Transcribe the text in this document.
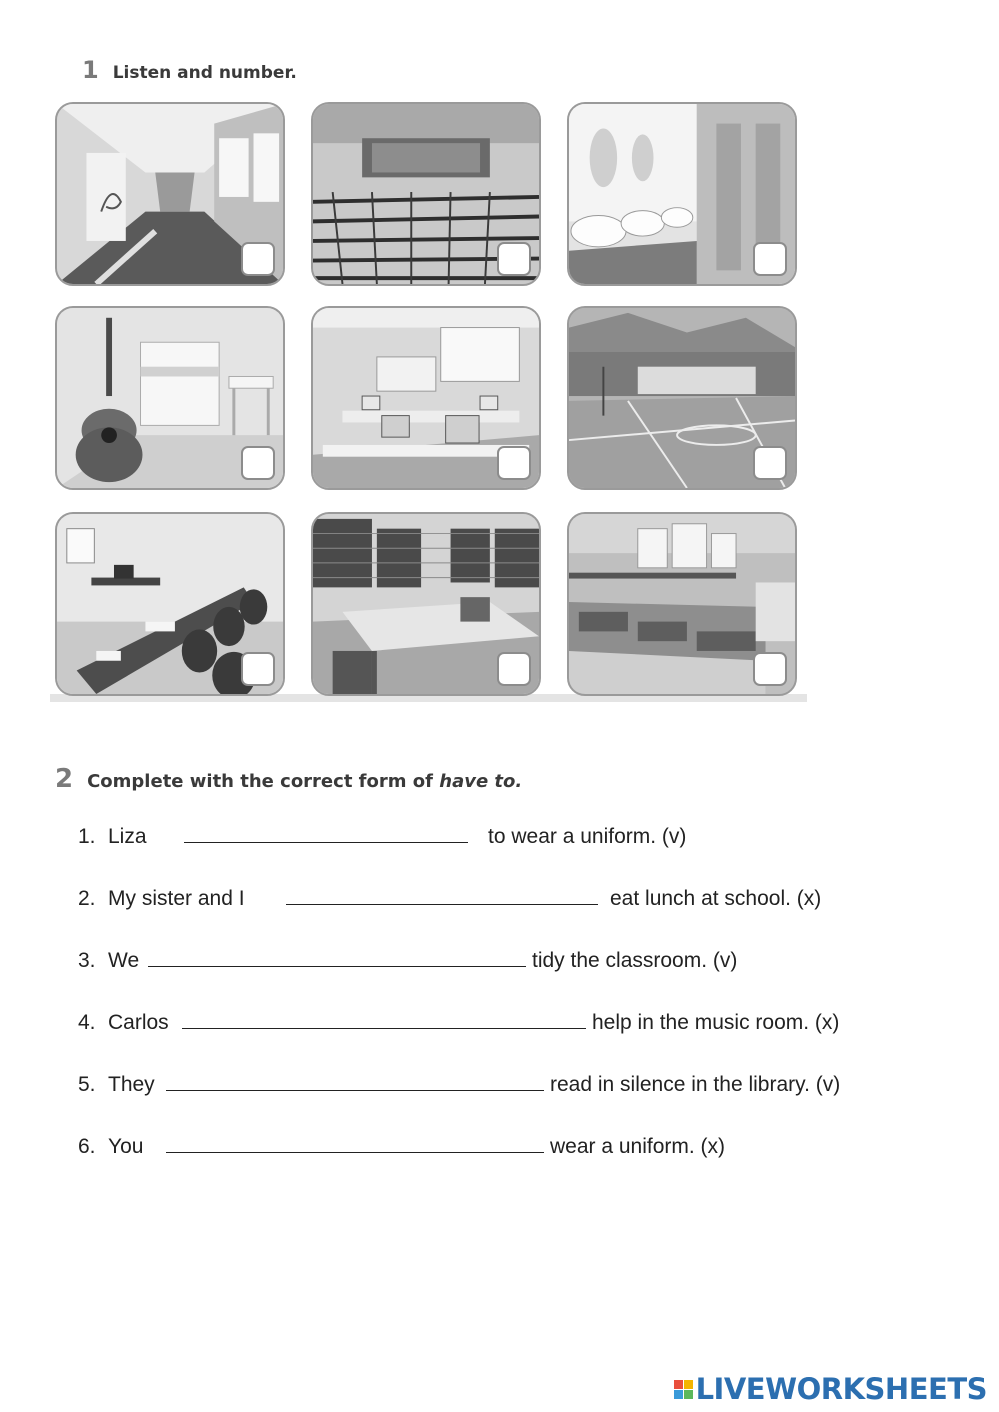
1 Listen and number.
2 Complete with the correct form of have to.
1. Liza	to wear a uniform. (v)
2. My sister and I	eat lunch at school. (x)
3. We	tidy the classroom. (v)
4. Carlos	help in the music room. (x)
5. They	read in silence in the library. (v)
6. You	wear a uniform. (x)
LIVEWORKSHEETS
